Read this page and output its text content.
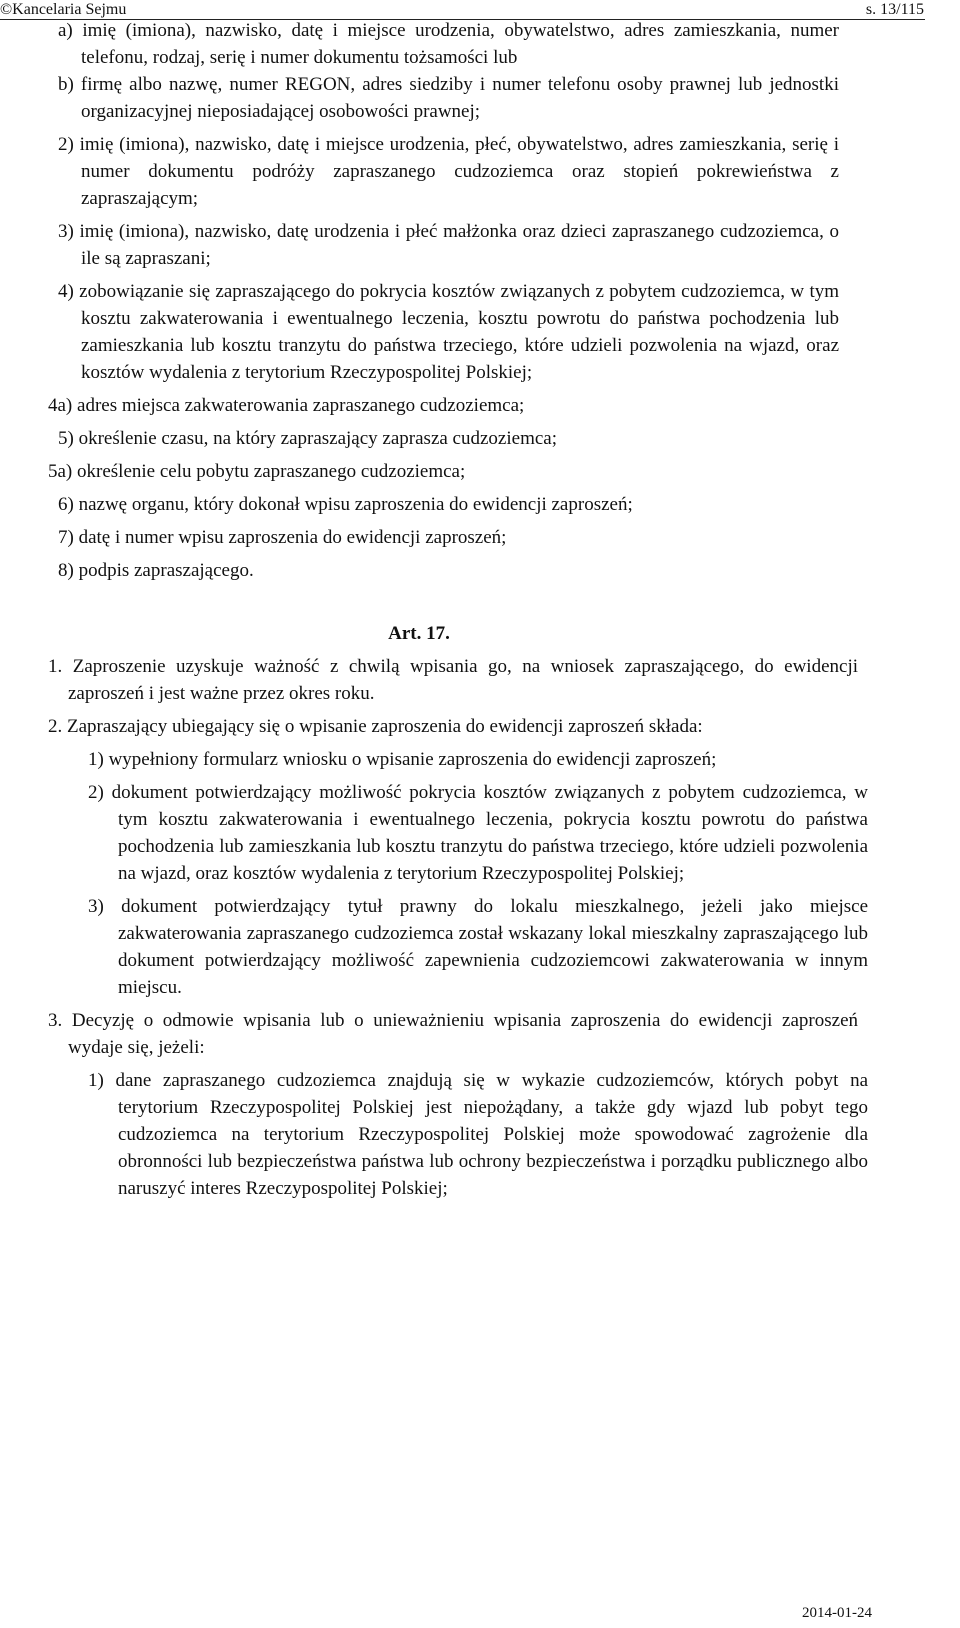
©Kancelaria Sejmu	s. 13/115
a) imię (imiona), nazwisko, datę i miejsce urodzenia, obywatelstwo, adres zamieszkania, numer telefonu, rodzaj, serię i numer dokumentu tożsamości lub
b) firmę albo nazwę, numer REGON, adres siedziby i numer telefonu osoby prawnej lub jednostki organizacyjnej nieposiadającej osobowości prawnej;
2) imię (imiona), nazwisko, datę i miejsce urodzenia, płeć, obywatelstwo, adres zamieszkania, serię i numer dokumentu podróży zapraszanego cudzoziemca oraz stopień pokrewieństwa z zapraszającym;
3) imię (imiona), nazwisko, datę urodzenia i płeć małżonka oraz dzieci zapraszanego cudzoziemca, o ile są zapraszani;
4) zobowiązanie się zapraszającego do pokrycia kosztów związanych z pobytem cudzoziemca, w tym kosztu zakwaterowania i ewentualnego leczenia, kosztu powrotu do państwa pochodzenia lub zamieszkania lub kosztu tranzytu do państwa trzeciego, które udzieli pozwolenia na wjazd, oraz kosztów wydalenia z terytorium Rzeczypospolitej Polskiej;
4a) adres miejsca zakwaterowania zapraszanego cudzoziemca;
5) określenie czasu, na który zapraszający zaprasza cudzoziemca;
5a) określenie celu pobytu zapraszanego cudzoziemca;
6) nazwę organu, który dokonał wpisu zaproszenia do ewidencji zaproszeń;
7) datę i numer wpisu zaproszenia do ewidencji zaproszeń;
8) podpis zapraszającego.
Art. 17.
1. Zaproszenie uzyskuje ważność z chwilą wpisania go, na wniosek zapraszającego, do ewidencji zaproszeń i jest ważne przez okres roku.
2. Zapraszający ubiegający się o wpisanie zaproszenia do ewidencji zaproszeń składa:
1) wypełniony formularz wniosku o wpisanie zaproszenia do ewidencji zaproszeń;
2) dokument potwierdzający możliwość pokrycia kosztów związanych z pobytem cudzoziemca, w tym kosztu zakwaterowania i ewentualnego leczenia, pokrycia kosztu powrotu do państwa pochodzenia lub zamieszkania lub kosztu tranzytu do państwa trzeciego, które udzieli pozwolenia na wjazd, oraz kosztów wydalenia z terytorium Rzeczypospolitej Polskiej;
3) dokument potwierdzający tytuł prawny do lokalu mieszkalnego, jeżeli jako miejsce zakwaterowania zapraszanego cudzoziemca został wskazany lokal mieszkalny zapraszającego lub dokument potwierdzający możliwość zapewnienia cudzoziemcowi zakwaterowania w innym miejscu.
3. Decyzję o odmowie wpisania lub o unieważnieniu wpisania zaproszenia do ewidencji zaproszeń wydaje się, jeżeli:
1) dane zapraszanego cudzoziemca znajdują się w wykazie cudzoziemców, których pobyt na terytorium Rzeczypospolitej Polskiej jest niepożądany, a także gdy wjazd lub pobyt tego cudzoziemca na terytorium Rzeczypospolitej Polskiej może spowodować zagrożenie dla obronności lub bezpieczeństwa państwa lub ochrony bezpieczeństwa i porządku publicznego albo naruszyć interes Rzeczypospolitej Polskiej;
2014-01-24
